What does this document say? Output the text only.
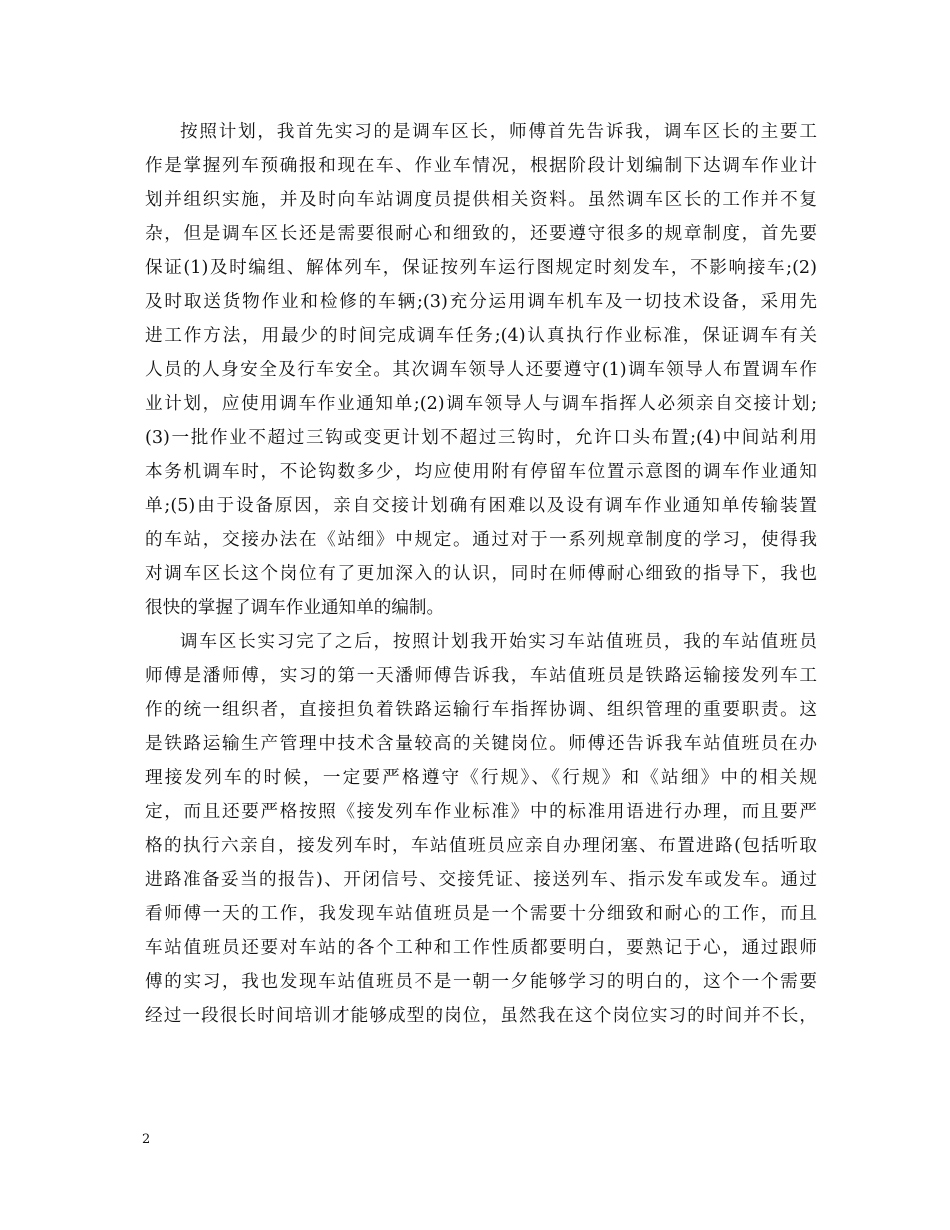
按照计划，我首先实习的是调车区长，师傅首先告诉我，调车区长的主要工
作是掌握列车预确报和现在车、作业车情况，根据阶段计划编制下达调车作业计
划并组织实施，并及时向车站调度员提供相关资料。虽然调车区长的工作并不复
杂，但是调车区长还是需要很耐心和细致的，还要遵守很多的规章制度，首先要
保证(1)及时编组、解体列车，保证按列车运行图规定时刻发车，不影响接车;(2)
及时取送货物作业和检修的车辆;(3)充分运用调车机车及一切技术设备，采用先
进工作方法，用最少的时间完成调车任务;(4)认真执行作业标准，保证调车有关
人员的人身安全及行车安全。其次调车领导人还要遵守(1)调车领导人布置调车作
业计划，应使用调车作业通知单;(2)调车领导人与调车指挥人必须亲自交接计划;
(3)一批作业不超过三钩或变更计划不超过三钩时，允许口头布置;(4)中间站利用
本务机调车时，不论钩数多少，均应使用附有停留车位置示意图的调车作业通知
单;(5)由于设备原因，亲自交接计划确有困难以及设有调车作业通知单传输装置
的车站，交接办法在《站细》中规定。通过对于一系列规章制度的学习，使得我
对调车区长这个岗位有了更加深入的认识，同时在师傅耐心细致的指导下，我也
很快的掌握了调车作业通知单的编制。

调车区长实习完了之后，按照计划我开始实习车站值班员，我的车站值班员
师傅是潘师傅，实习的第一天潘师傅告诉我，车站值班员是铁路运输接发列车工
作的统一组织者，直接担负着铁路运输行车指挥协调、组织管理的重要职责。这
是铁路运输生产管理中技术含量较高的关键岗位。师傅还告诉我车站值班员在办
理接发列车的时候，一定要严格遵守《行规》、《行规》和《站细》中的相关规
定，而且还要严格按照《接发列车作业标准》中的标准用语进行办理，而且要严
格的执行六亲自，接发列车时，车站值班员应亲自办理闭塞、布置进路(包括听取
进路准备妥当的报告)、开闭信号、交接凭证、接送列车、指示发车或发车。通过
看师傅一天的工作，我发现车站值班员是一个需要十分细致和耐心的工作，而且
车站值班员还要对车站的各个工种和工作性质都要明白，要熟记于心，通过跟师
傅的实习，我也发现车站值班员不是一朝一夕能够学习的明白的，这个一个需要
经过一段很长时间培训才能够成型的岗位，虽然我在这个岗位实习的时间并不长，

2
